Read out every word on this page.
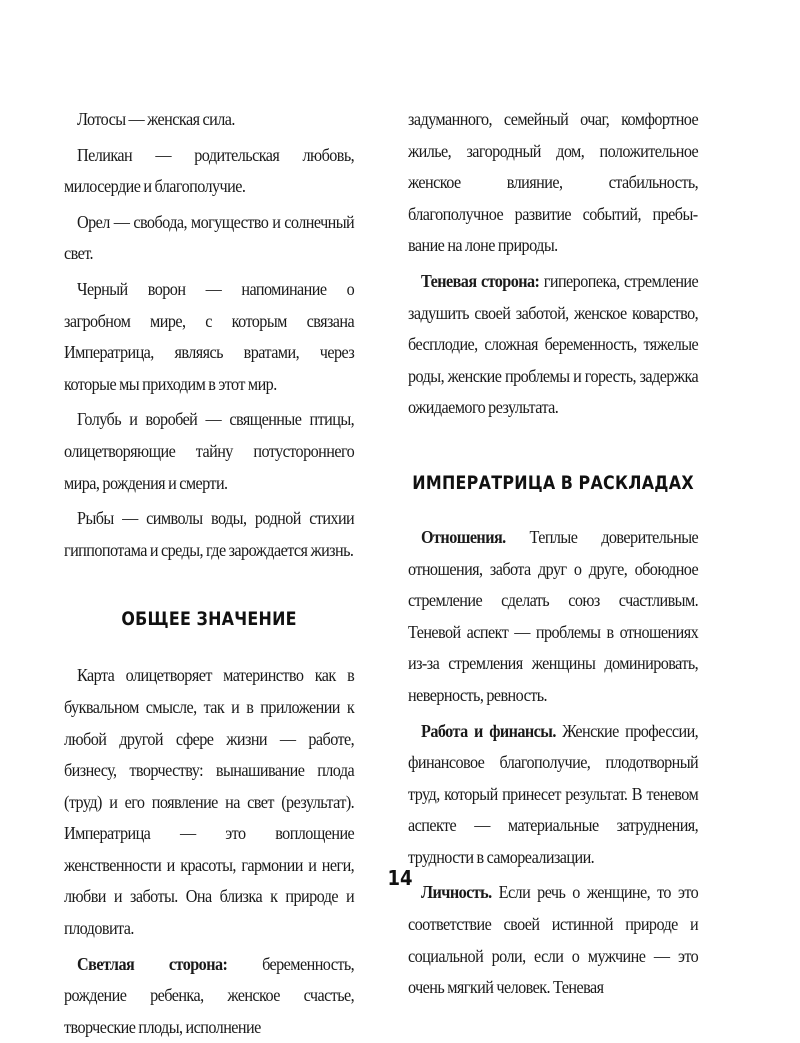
Лотосы — женская сила.

Пеликан — родительская любовь, милосердие и благополучие.

Орел — свобода, могущество и солнечный свет.

Черный ворон — напоминание о загробном мире, с которым связана Императрица, являясь вратами, через которые мы приходим в этот мир.

Голубь и воробей — священные птицы, олицетворяющие тайну потустороннего мира, рождения и смерти.

Рыбы — символы воды, родной стихии гиппопотама и среды, где зарождается жизнь.

ОБЩЕЕ ЗНАЧЕНИЕ

Карта олицетворяет материнство как в буквальном смысле, так и в приложении к любой другой сфере жизни — работе, бизнесу, творчеству: вынашивание плода (труд) и его появление на свет (результат). Императрица — это воплощение женственности и красоты, гармонии и неги, любви и заботы. Она близка к природе и плодовита.

Светлая сторона: беременность, рождение ребенка, женское счастье, творческие плоды, исполнение

задуманного, семейный очаг, комфортное жилье, загородный дом, положительное женское влияние, стабильность, благополучное развитие событий, пребывание на лоне природы.

Теневая сторона: гиперопека, стремление задушить своей заботой, женское коварство, бесплодие, сложная беременность, тяжелые роды, женские проблемы и горесть, задержка ожидаемого результата.

ИМПЕРАТРИЦА В РАСКЛАДАХ

Отношения. Теплые доверительные отношения, забота друг о друге, обоюдное стремление сделать союз счастливым. Теневой аспект — проблемы в отношениях из-за стремления женщины доминировать, неверность, ревность.

Работа и финансы. Женские профессии, финансовое благополучие, плодотворный труд, который принесет результат. В теневом аспекте — материальные затруднения, трудности в самореализации.

Личность. Если речь о женщине, то это соответствие своей истинной природе и социальной роли, если о мужчине — это очень мягкий человек. Теневая

14
